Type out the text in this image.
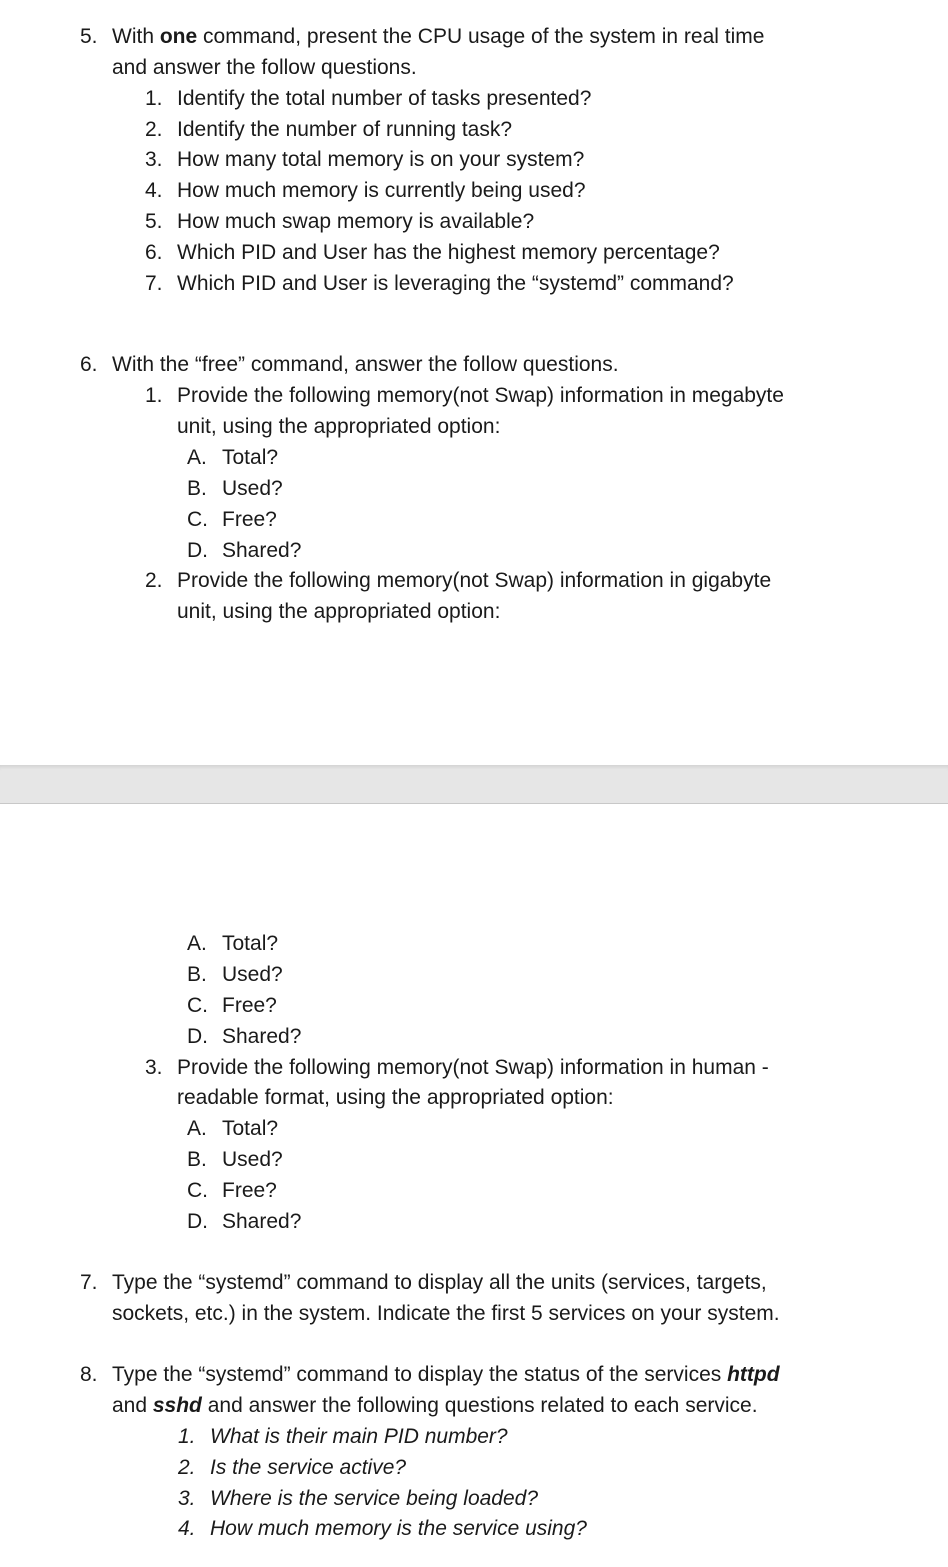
5. With one command, present the CPU usage of the system in real time
and answer the follow questions.
1. Identify the total number of tasks presented?
2. Identify the number of running task?
3. How many total memory is on your system?
4. How much memory is currently being used?
5. How much swap memory is available?
6. Which PID and User has the highest memory percentage?
7. Which PID and User is leveraging the “systemd” command?
6. With the “free” command, answer the follow questions.
1. Provide the following memory(not Swap) information in megabyte
unit, using the appropriated option:
A. Total?
B. Used?
C. Free?
D. Shared?
2. Provide the following memory(not Swap) information in gigabyte
unit, using the appropriated option:
A. Total?
B. Used?
C. Free?
D. Shared?
3. Provide the following memory(not Swap) information in human -
readable format, using the appropriated option:
A. Total?
B. Used?
C. Free?
D. Shared?
7. Type the “systemd” command to display all the units (services, targets,
sockets, etc.) in the system. Indicate the first 5 services on your system.
8. Type the “systemd” command to display the status of the services httpd
and sshd and answer the following questions related to each service.
1. What is their main PID number?
2. Is the service active?
3. Where is the service being loaded?
4. How much memory is the service using?
